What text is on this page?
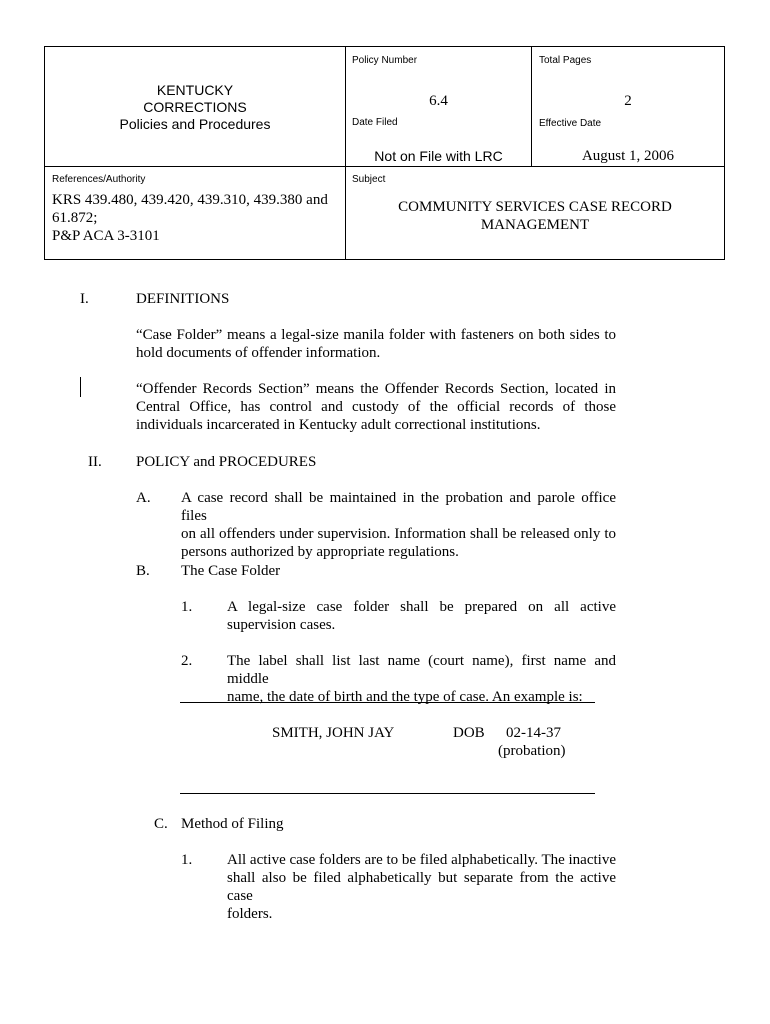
KENTUCKY
CORRECTIONS
Policies and Procedures
Policy Number
6.4
Total Pages
2
Date Filed
Not on File with LRC
Effective Date
August 1, 2006
References/Authority
KRS 439.480, 439.420, 439.310, 439.380 and
61.872;
P&P ACA 3-3101
Subject
COMMUNITY SERVICES CASE RECORD
MANAGEMENT
I.	DEFINITIONS
“Case Folder” means a legal-size manila folder with fasteners on both sides to
hold documents of offender information.
“Offender Records Section” means the Offender Records Section, located in
Central Office, has control and custody of the official records of those
individuals incarcerated in Kentucky adult correctional institutions.
II. POLICY and PROCEDURES
A. A case record shall be maintained in the probation and parole office files
on all offenders under supervision. Information shall be released only to
persons authorized by appropriate regulations.
B. The Case Folder
1. A legal-size case folder shall be prepared on all active
supervision cases.
2. The label shall list last name (court name), first name and middle
name, the date of birth and the type of case. An example is:
SMITH, JOHN JAY	DOB 02-14-37
(probation)
C. Method of Filing
1. All active case folders are to be filed alphabetically. The inactive
shall also be filed alphabetically but separate from the active case
folders.
